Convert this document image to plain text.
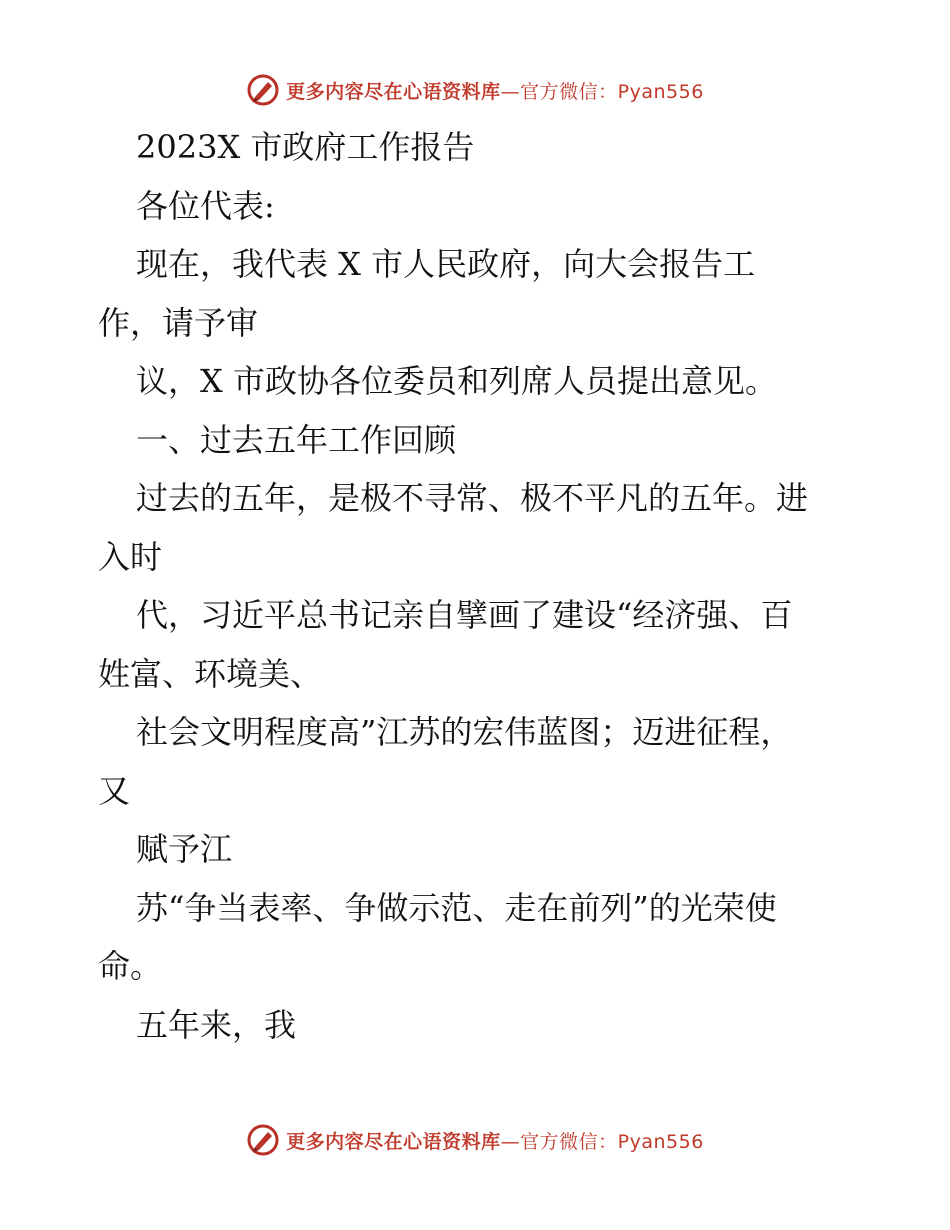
更多内容尽在心语资料库—官方微信：Pyan556

2023X 市政府工作报告

各位代表:

现在，我代表 X 市人民政府，向大会报告工

作，请予审

议，X 市政协各位委员和列席人员提出意见。

一、过去五年工作回顾

过去的五年，是极不寻常、极不平凡的五年。进

入时

代，习近平总书记亲自擘画了建设“经济强、百

姓富、环境美、

社会文明程度高”江苏的宏伟蓝图；迈进征程，

又

赋予江

苏“争当表率、争做示范、走在前列”的光荣使

命。

五年来，我

更多内容尽在心语资料库—官方微信：Pyan556
